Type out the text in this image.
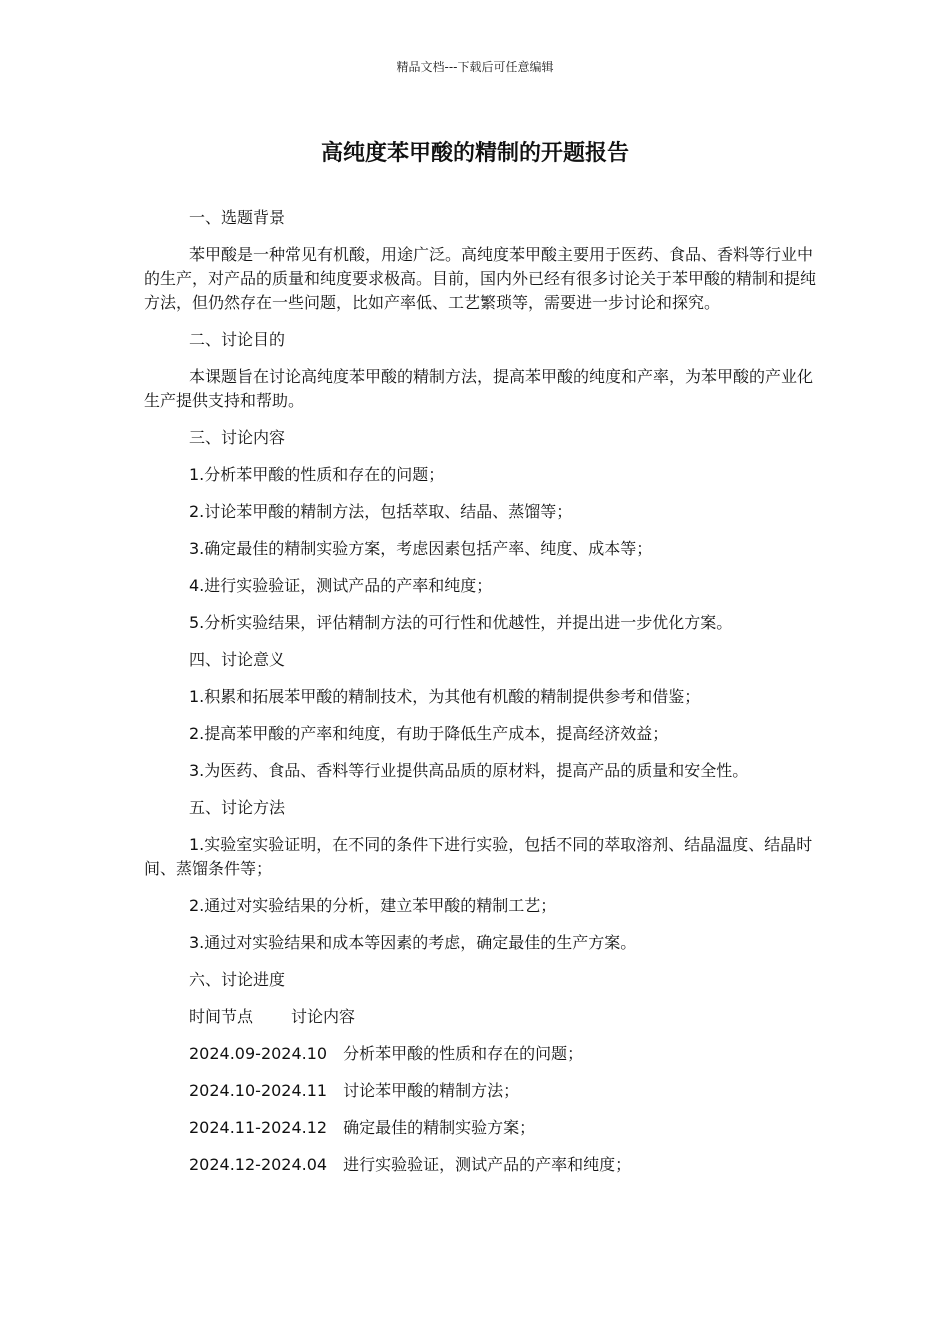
精品文档---下载后可任意编辑
高纯度苯甲酸的精制的开题报告

一、选题背景

苯甲酸是一种常见有机酸，用途广泛。高纯度苯甲酸主要用于医药、食品、香料等行业中的生产，对产品的质量和纯度要求极高。目前，国内外已经有很多讨论关于苯甲酸的精制和提纯方法，但仍然存在一些问题，比如产率低、工艺繁琐等，需要进一步讨论和探究。

二、讨论目的

本课题旨在讨论高纯度苯甲酸的精制方法，提高苯甲酸的纯度和产率，为苯甲酸的产业化生产提供支持和帮助。

三、讨论内容

1.分析苯甲酸的性质和存在的问题；

2.讨论苯甲酸的精制方法，包括萃取、结晶、蒸馏等；

3.确定最佳的精制实验方案，考虑因素包括产率、纯度、成本等；

4.进行实验验证，测试产品的产率和纯度；

5.分析实验结果，评估精制方法的可行性和优越性，并提出进一步优化方案。

四、讨论意义

1.积累和拓展苯甲酸的精制技术，为其他有机酸的精制提供参考和借鉴；

2.提高苯甲酸的产率和纯度，有助于降低生产成本，提高经济效益；

3.为医药、食品、香料等行业提供高品质的原材料，提高产品的质量和安全性。

五、讨论方法

1.实验室实验证明，在不同的条件下进行实验，包括不同的萃取溶剂、结晶温度、结晶时间、蒸馏条件等；

2.通过对实验结果的分析，建立苯甲酸的精制工艺；

3.通过对实验结果和成本等因素的考虑，确定最佳的生产方案。

六、讨论进度

时间节点 讨论内容

2024.09-2024.10 分析苯甲酸的性质和存在的问题；

2024.10-2024.11 讨论苯甲酸的精制方法；

2024.11-2024.12 确定最佳的精制实验方案；

2024.12-2024.04 进行实验验证，测试产品的产率和纯度；
